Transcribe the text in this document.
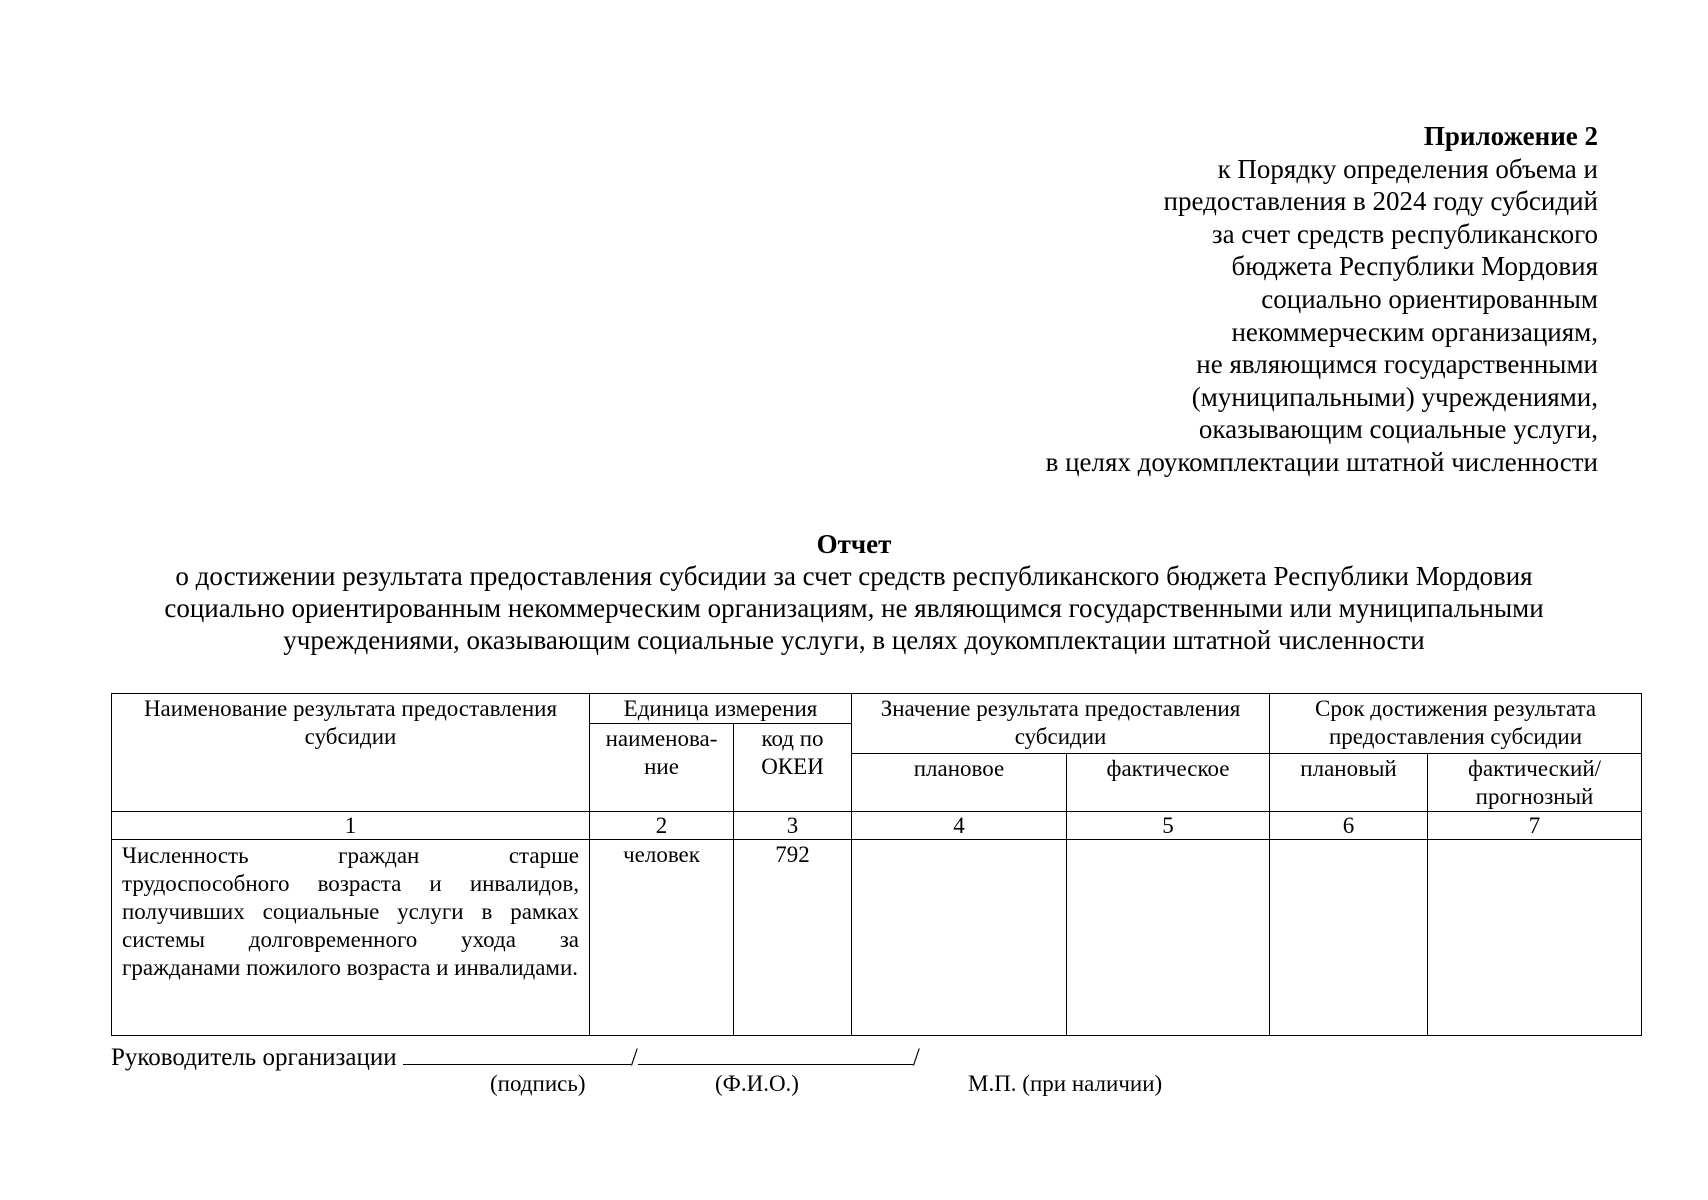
Приложение 2
к Порядку определения объема и
предоставления в 2024 году субсидий
за счет средств республиканского
бюджета Республики Мордовия
социально ориентированным
некоммерческим организациям,
не являющимся государственными
(муниципальными) учреждениями,
оказывающим социальные услуги,
в целях доукомплектации штатной численности
Отчет
о достижении результата предоставления субсидии за счет средств республиканского бюджета Республики Мордовия
социально ориентированным некоммерческим организациям, не являющимся государственными или муниципальными
учреждениями, оказывающим социальные услуги, в целях доукомплектации штатной численности
Наименование результата предоставления субсидии	Единица измерения		Значение результата предоставления субсидии		Срок достижения результата предоставления субсидии	
	наименова-ние	код по ОКЕИ				
			плановое	фактическое	плановый	фактический/ прогнозный
1	2	3	4	5	6	7
Численность граждан старше трудоспособного возраста и инвалидов, получивших социальные услуги в рамках системы долговременного ухода за гражданами пожилого возраста и инвалидами.	человек	792				
Руководитель организации	/	/
(подпись)	(Ф.И.О.)	М.П. (при наличии)
